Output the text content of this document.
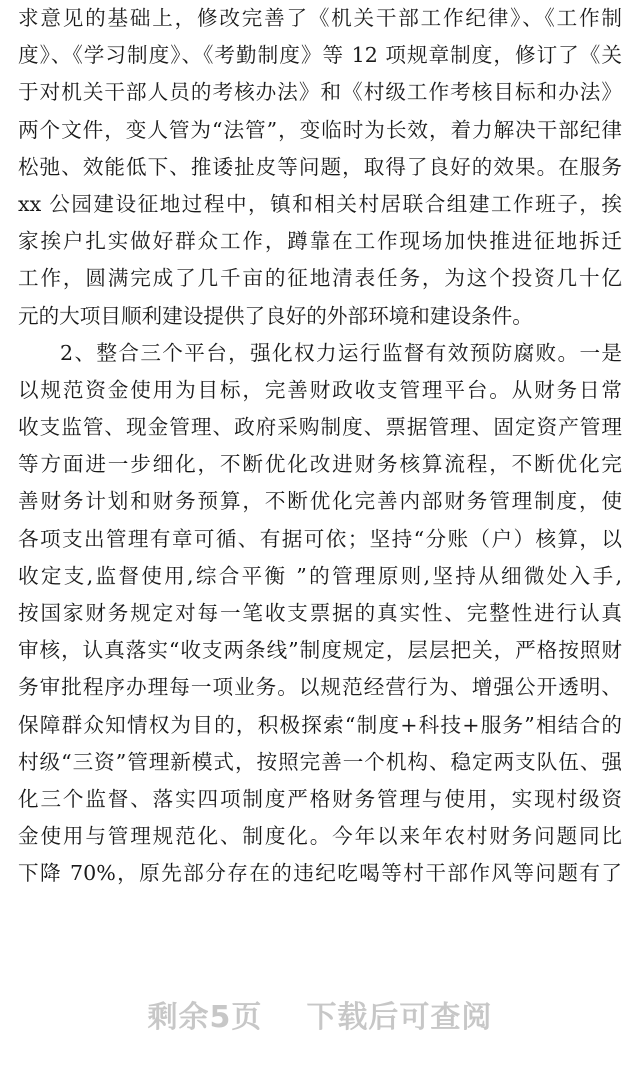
求意见的基础上，修改完善了《机关干部工作纪律》、《工作制
度》、《学习制度》、《考勤制度》等 12 项规章制度，修订了《关
于对机关干部人员的考核办法》和《村级工作考核目标和办法》
两个文件，变人管为“法管”，变临时为长效，着力解决干部纪律
松弛、效能低下、推诿扯皮等问题，取得了良好的效果。在服务
xx 公园建设征地过程中，镇和相关村居联合组建工作班子，挨
家挨户扎实做好群众工作，蹲靠在工作现场加快推进征地拆迁
工作，圆满完成了几千亩的征地清表任务，为这个投资几十亿
元的大项目顺利建设提供了良好的外部环境和建设条件。
2、整合三个平台，强化权力运行监督有效预防腐败。一是
以规范资金使用为目标，完善财政收支管理平台。从财务日常
收支监管、现金管理、政府采购制度、票据管理、固定资产管理
等方面进一步细化，不断优化改进财务核算流程，不断优化完
善财务计划和财务预算，不断优化完善内部财务管理制度，使
各项支出管理有章可循、有据可依；坚持“分账（户）核算，以
收定支,监督使用,综合平衡 ”的管理原则,坚持从细微处入手,
按国家财务规定对每一笔收支票据的真实性、完整性进行认真
审核，认真落实“收支两条线”制度规定，层层把关，严格按照财
务审批程序办理每一项业务。以规范经营行为、增强公开透明、
保障群众知情权为目的，积极探索“制度+科技+服务”相结合的
村级“三资”管理新模式，按照完善一个机构、稳定两支队伍、强
化三个监督、落实四项制度严格财务管理与使用，实现村级资
金使用与管理规范化、制度化。今年以来年农村财务问题同比
下降 70%，原先部分存在的违纪吃喝等村干部作风等问题有了
剩余5页 下载后可查阅
